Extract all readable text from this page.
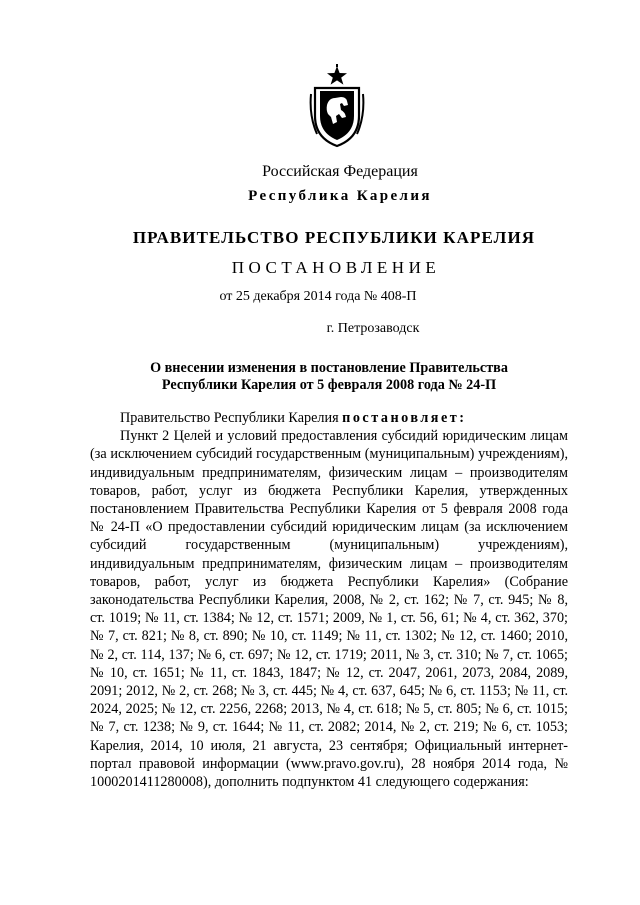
Российская Федерация
Республика Карелия
ПРАВИТЕЛЬСТВО РЕСПУБЛИКИ КАРЕЛИЯ
ПОСТАНОВЛЕНИЕ
от 25 декабря 2014 года № 408-П
г. Петрозаводск
О внесении изменения в постановление Правительства
Республики Карелия от 5 февраля 2008 года № 24-П

Правительство Республики Карелия постановляет:

Пункт 2 Целей и условий предоставления субсидий юридическим лицам (за исключением субсидий государственным (муниципальным) учреждениям), индивидуальным предпринимателям, физическим лицам – производителям товаров, работ, услуг из бюджета Республики Карелия, утвержденных постановлением Правительства Республики Карелия от 5 февраля 2008 года № 24-П «О предоставлении субсидий юридическим лицам (за исключением субсидий государственным (муниципальным) учреждениям), индивидуальным предпринимателям, физическим лицам – производителям товаров, работ, услуг из бюджета Республики Карелия» (Собрание законодательства Республики Карелия, 2008, № 2, ст. 162; № 7, ст. 945; № 8, ст. 1019; № 11, ст. 1384; № 12, ст. 1571; 2009, № 1, ст. 56, 61; № 4, ст. 362, 370; № 7, ст. 821; № 8, ст. 890; № 10, ст. 1149; № 11, ст. 1302; № 12, ст. 1460; 2010, № 2, ст. 114, 137; № 6, ст. 697; № 12, ст. 1719; 2011, № 3, ст. 310; № 7, ст. 1065; № 10, ст. 1651; № 11, ст. 1843, 1847; № 12, ст. 2047, 2061, 2073, 2084, 2089, 2091; 2012, № 2, ст. 268; № 3, ст. 445; № 4, ст. 637, 645; № 6, ст. 1153; № 11, ст. 2024, 2025; № 12, ст. 2256, 2268; 2013, № 4, ст. 618; № 5, ст. 805; № 6, ст. 1015; № 7, ст. 1238; № 9, ст. 1644; № 11, ст. 2082; 2014, № 2, ст. 219; № 6, ст. 1053; Карелия, 2014, 10 июля, 21 августа, 23 сентября; Официальный интернет-портал правовой информации (www.pravo.gov.ru), 28 ноября 2014 года, № 1000201411280008), дополнить подпунктом 41 следующего содержания:
